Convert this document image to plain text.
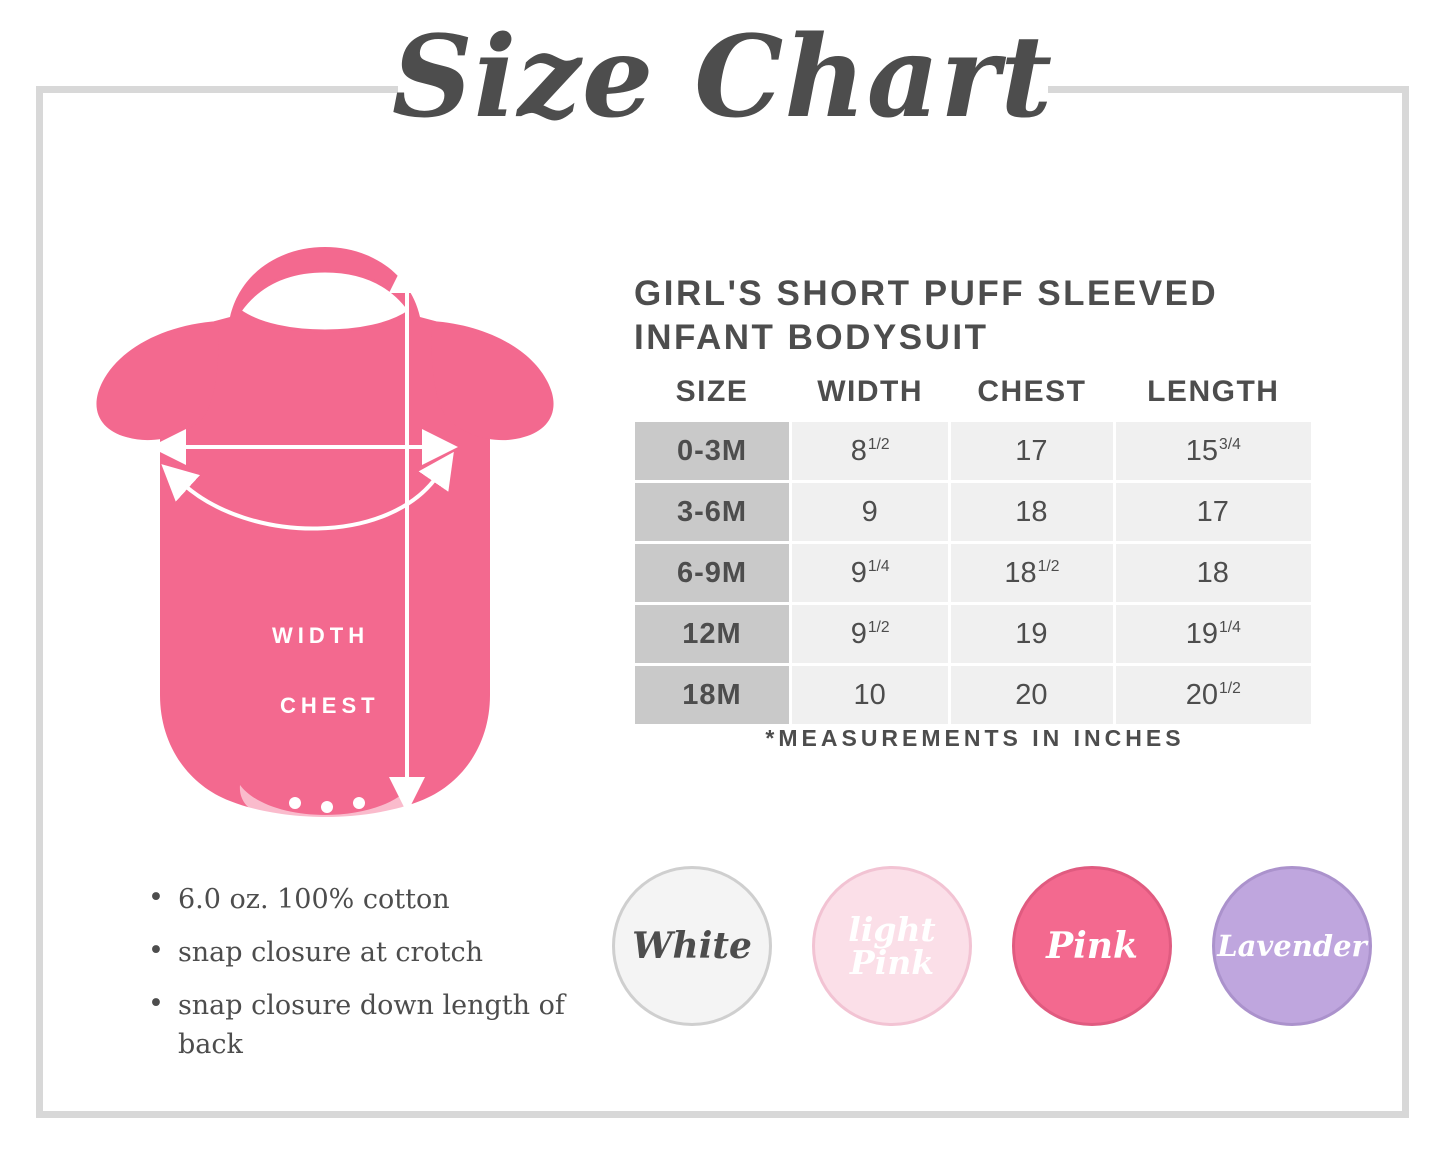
Size Chart
WIDTH
CHEST
LENGTH
GIRL'S SHORT PUFF SLEEVED
INFANT BODYSUIT
SIZE	WIDTH	CHEST	LENGTH
0-3M	$8^{1/2}$	17	$15^{3/4}$
3-6M	9	18	17
6-9M	$9^{1/4}$	$18^{1/2}$	18
12M	$9^{1/2}$	19	$19^{1/4}$
18M	10	20	$20^{1/2}$
*MEASUREMENTS IN INCHES
• 6.0 oz. 100% cotton
• snap closure at crotch
• snap closure down length of back
White	light
Pink	Pink	Lavender
